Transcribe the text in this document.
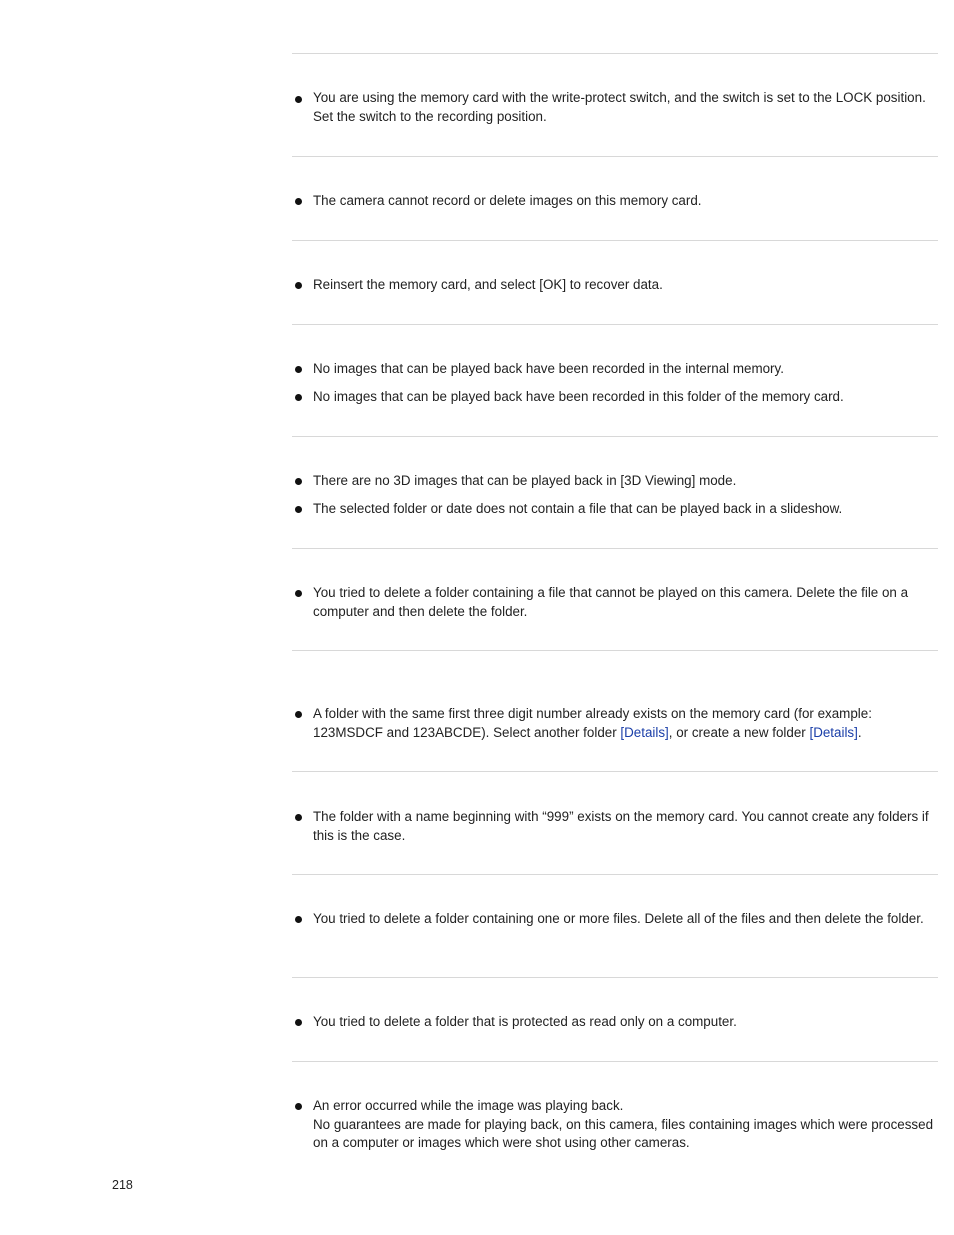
You are using the memory card with the write-protect switch, and the switch is set to the LOCK position. Set the switch to the recording position.
The camera cannot record or delete images on this memory card.
Reinsert the memory card, and select [OK] to recover data.
No images that can be played back have been recorded in the internal memory.
No images that can be played back have been recorded in this folder of the memory card.
There are no 3D images that can be played back in [3D Viewing] mode.
The selected folder or date does not contain a file that can be played back in a slideshow.
You tried to delete a folder containing a file that cannot be played on this camera. Delete the file on a computer and then delete the folder.
A folder with the same first three digit number already exists on the memory card (for example: 123MSDCF and 123ABCDE). Select another folder [Details], or create a new folder [Details].
The folder with a name beginning with “999” exists on the memory card. You cannot create any folders if this is the case.
You tried to delete a folder containing one or more files. Delete all of the files and then delete the folder.
You tried to delete a folder that is protected as read only on a computer.
An error occurred while the image was playing back.
No guarantees are made for playing back, on this camera, files containing images which were processed on a computer or images which were shot using other cameras.
218
